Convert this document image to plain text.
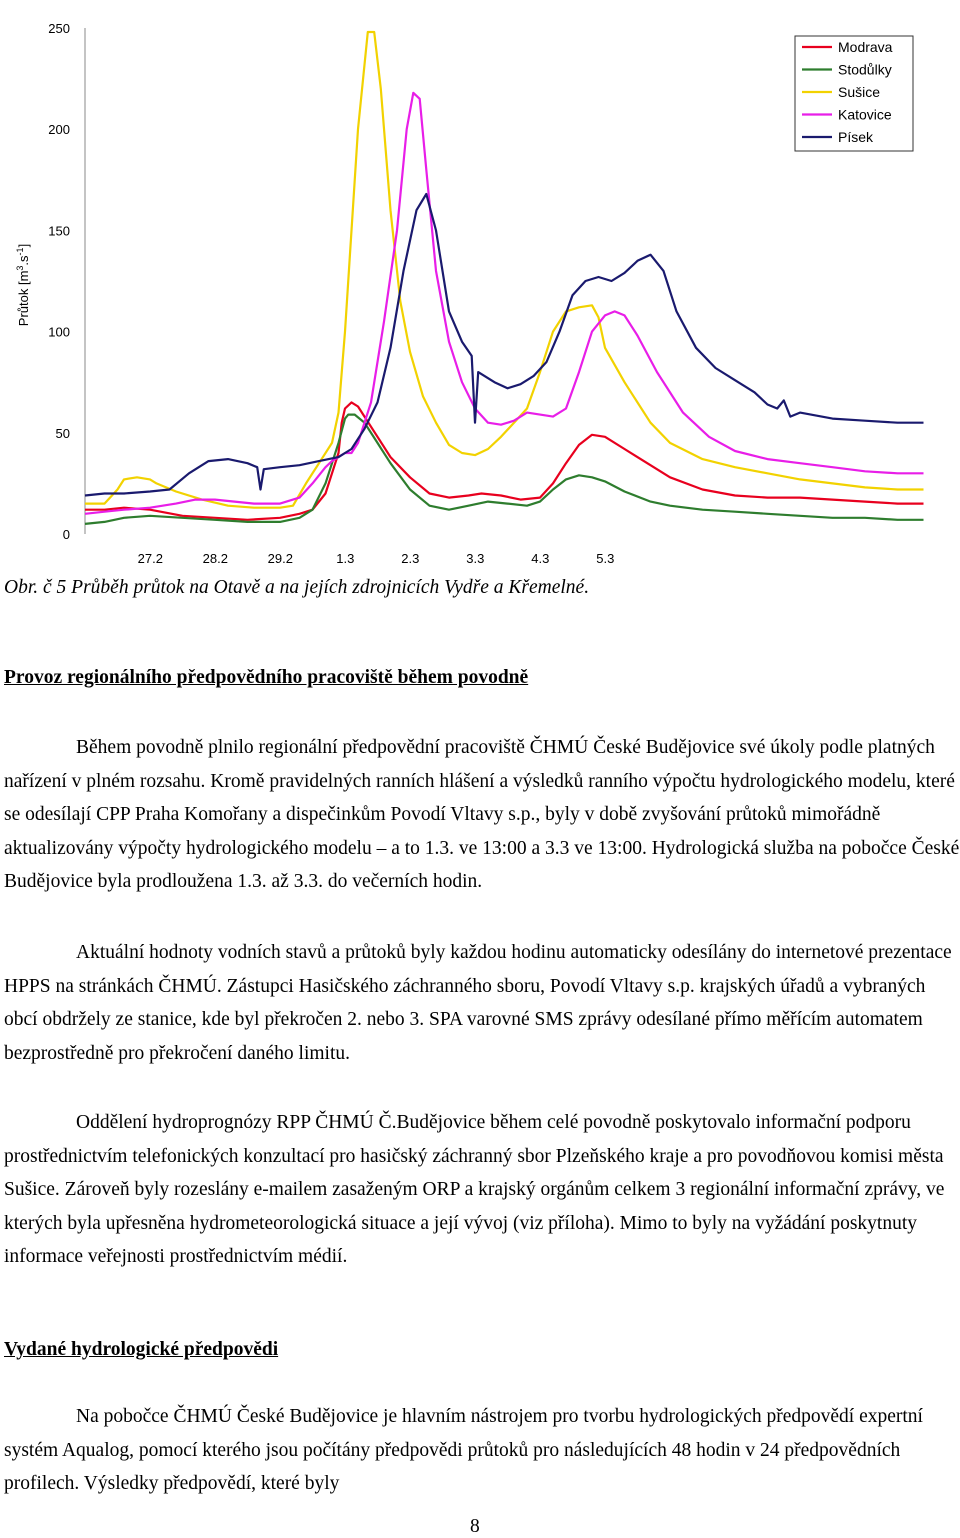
0
50
100
150
200
250
27.2	28.2	29.2	1.3	2.3	3.3	4.3	5.3
Průtok $[m^3.s^{-1}]$
Modrava
Stodůlky
Sušice
Katovice
Písek
Obr. č 5 Průběh průtok na Otavě a na jejích zdrojnicích Vydře a Křemelné.
Provoz regionálního předpovědního pracoviště během povodně

Během povodně plnilo regionální předpovědní pracoviště ČHMÚ České Budějovice své úkoly podle platných nařízení v plném rozsahu. Kromě pravidelných ranních hlášení a výsledků ranního výpočtu hydrologického modelu, které se odesílají CPP Praha Komořany a dispečinkům Povodí Vltavy s.p., byly v době zvyšování průtoků mimořádně aktualizovány výpočty hydrologického modelu – a to 1.3. ve 13:00 a 3.3 ve 13:00. Hydrologická služba na pobočce České Budějovice byla prodloužena 1.3. až 3.3. do večerních hodin.

Aktuální hodnoty vodních stavů a průtoků byly každou hodinu automaticky odesílány do internetové prezentace HPPS na stránkách ČHMÚ. Zástupci Hasičského záchranného sboru, Povodí Vltavy s.p. krajských úřadů a vybraných obcí obdržely ze stanice, kde byl překročen 2. nebo 3. SPA varovné SMS zprávy odesílané přímo měřícím automatem bezprostředně pro překročení daného limitu.

Oddělení hydroprognózy RPP ČHMÚ Č.Budějovice během celé povodně poskytovalo informační podporu prostřednictvím telefonických konzultací pro hasičský záchranný sbor Plzeňského kraje a pro povodňovou komisi města Sušice. Zároveň byly rozeslány e-mailem zasaženým ORP a krajský orgánům celkem 3 regionální informační zprávy, ve kterých byla upřesněna hydrometeorologická situace a její vývoj (viz příloha). Mimo to byly na vyžádání poskytnuty informace veřejnosti prostřednictvím médií.

Vydané hydrologické předpovědi

Na pobočce ČHMÚ České Budějovice je hlavním nástrojem pro tvorbu hydrologických předpovědí expertní systém Aqualog, pomocí kterého jsou počítány předpovědi průtoků pro následujících 48 hodin v 24 předpovědních profilech. Výsledky předpovědí, které byly

8
